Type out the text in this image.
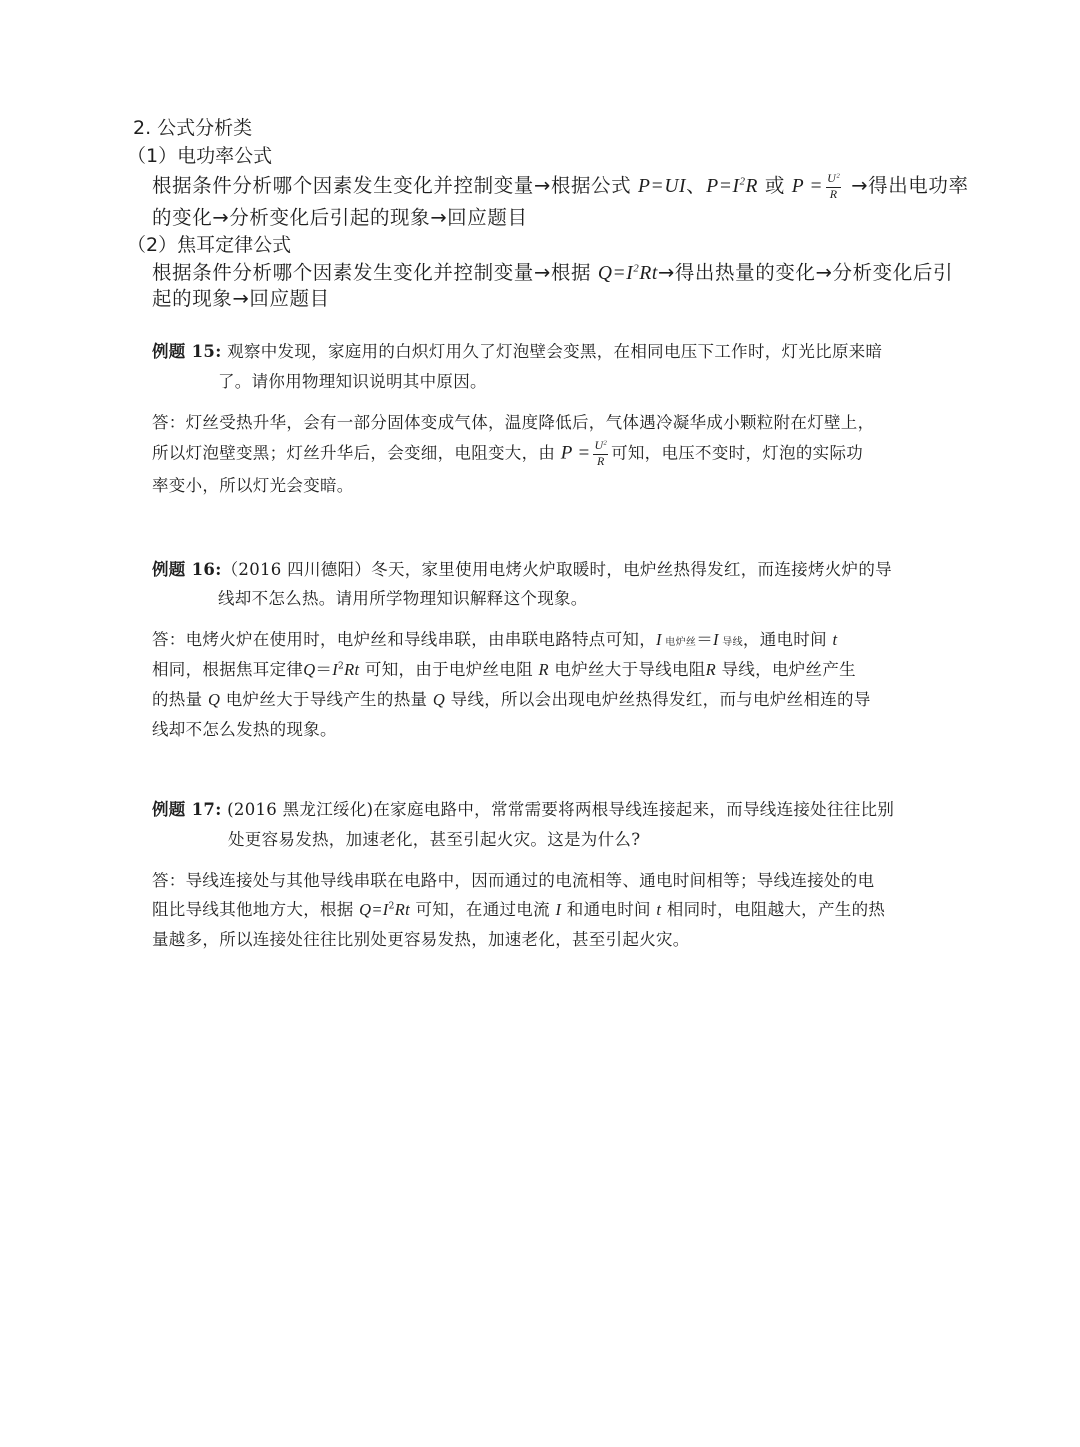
2. 公式分析类
（1）电功率公式
根据条件分析哪个因素发生变化并控制变量→根据公式 P=UI、$P=I^2R$ 或 $P = \frac{U^2}{R}$ →得出电功率
的变化→分析变化后引起的现象→回应题目
（2）焦耳定律公式
根据条件分析哪个因素发生变化并控制变量→根据 $Q=I^2Rt\to$得出热量的变化→分析变化后引
起的现象→回应题目
例题 15: 观察中发现，家庭用的白炽灯用久了灯泡壁会变黑，在相同电压下工作时，灯光比原来暗
了。请你用物理知识说明其中原因。
答：灯丝受热升华，会有一部分固体变成气体，温度降低后，气体遇冷凝华成小颗粒附在灯壁上，
所以灯泡壁变黑；灯丝升华后，会变细，电阻变大，由 $P = \frac{U^2}{R}$ 可知，电压不变时，灯泡的实际功
率变小，所以灯光会变暗。
例题 16:（2016 四川德阳）冬天，家里使用电烤火炉取暖时，电炉丝热得发红，而连接烤火炉的导
线却不怎么热。请用所学物理知识解释这个现象。
答：电烤火炉在使用时，电炉丝和导线串联，由串联电路特点可知，I 电炉丝＝I 导线，通电时间 t
相同，根据焦耳定律$Q=I^2Rt$ 可知，由于电炉丝电阻 R 电炉丝大于导线电阻R 导线，电炉丝产生
的热量 Q 电炉丝大于导线产生的热量 Q 导线，所以会出现电炉丝热得发红，而与电炉丝相连的导
线却不怎么发热的现象。
例题 17: (2016 黑龙江绥化)在家庭电路中，常常需要将两根导线连接起来，而导线连接处往往比别
处更容易发热，加速老化，甚至引起火灾。这是为什么?
答：导线连接处与其他导线串联在电路中，因而通过的电流相等、通电时间相等；导线连接处的电
阻比导线其他地方大，根据 $Q=I^2Rt$ 可知，在通过电流 I 和通电时间 t 相同时，电阻越大，产生的热
量越多，所以连接处往往比别处更容易发热，加速老化，甚至引起火灾。
